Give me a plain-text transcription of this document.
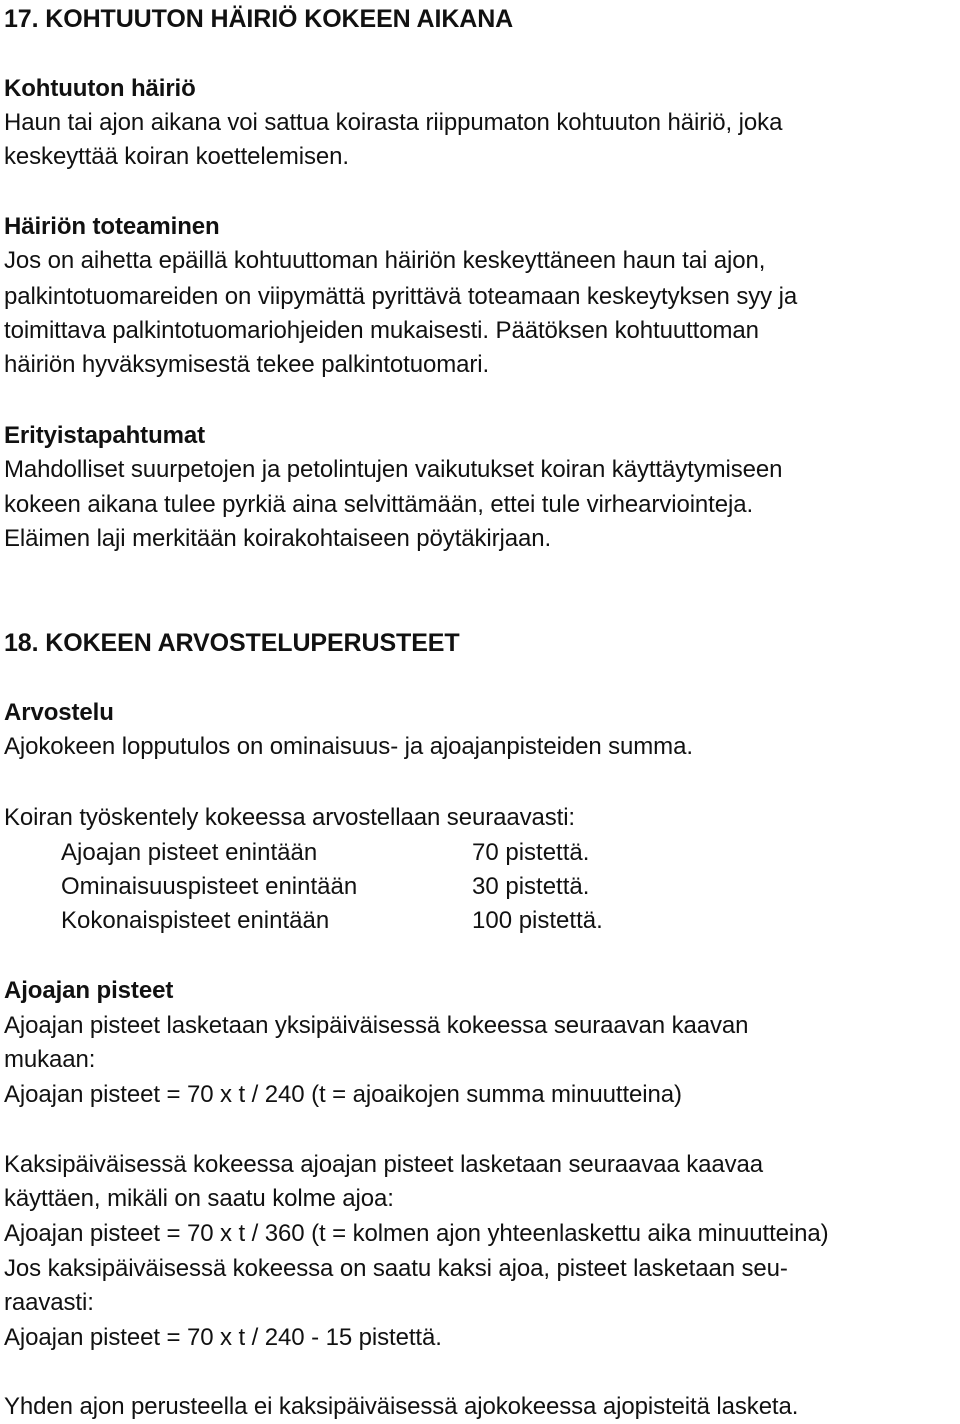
17. KOHTUUTON HÄIRIÖ KOKEEN AIKANA
Kohtuuton häiriö
Haun tai ajon aikana voi sattua koirasta riippumaton kohtuuton häiriö, joka
keskeyttää koiran koettelemisen.
Häiriön toteaminen
Jos on aihetta epäillä kohtuuttoman häiriön keskeyttäneen haun tai ajon,
palkintotuomareiden on viipymättä pyrittävä toteamaan keskeytyksen syy ja
toimittava palkintotuomariohjeiden mukaisesti. Päätöksen kohtuuttoman
häiriön hyväksymisestä tekee palkintotuomari.
Erityistapahtumat
Mahdolliset suurpetojen ja petolintujen vaikutukset koiran käyttäytymiseen
kokeen aikana tulee pyrkiä aina selvittämään, ettei tule virhearviointeja.
Eläimen laji merkitään koirakohtaiseen pöytäkirjaan.
18. KOKEEN ARVOSTELUPERUSTEET
Arvostelu
Ajokokeen lopputulos on ominaisuus- ja ajoajanpisteiden summa.
Koiran työskentely kokeessa arvostellaan seuraavasti:
Ajoajan pisteet enintään	70 pistettä.
Ominaisuuspisteet enintään	30 pistettä.
Kokonaispisteet enintään	100 pistettä.
Ajoajan pisteet
Ajoajan pisteet lasketaan yksipäiväisessä kokeessa seuraavan kaavan
mukaan:
Ajoajan pisteet = 70 x t / 240 (t = ajoaikojen summa minuutteina)
Kaksipäiväisessä kokeessa ajoajan pisteet lasketaan seuraavaa kaavaa
käyttäen, mikäli on saatu kolme ajoa:
Ajoajan pisteet = 70 x t / 360 (t = kolmen ajon yhteenlaskettu aika minuutteina)
Jos kaksipäiväisessä kokeessa on saatu kaksi ajoa, pisteet lasketaan seu-
raavasti:
Ajoajan pisteet = 70 x t / 240 - 15 pistettä.
Yhden ajon perusteella ei kaksipäiväisessä ajokokeessa ajopisteitä lasketa.
